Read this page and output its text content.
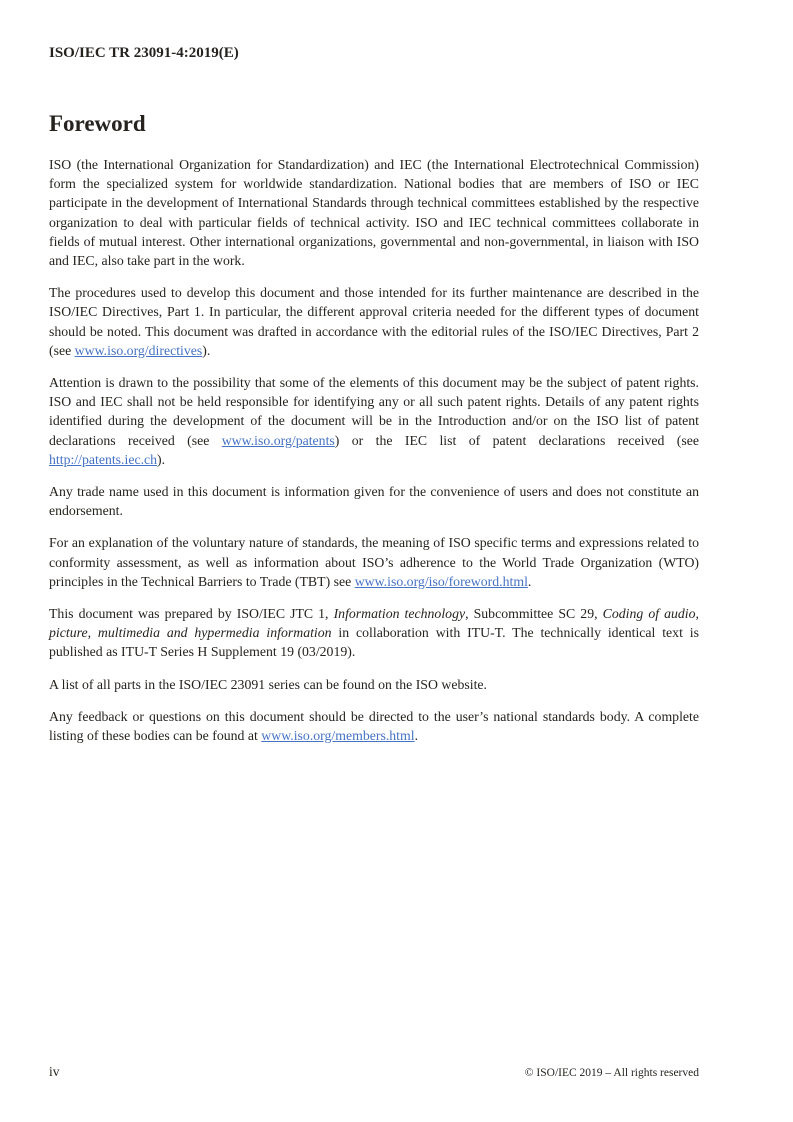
ISO/IEC TR 23091-4:2019(E)
Foreword

ISO (the International Organization for Standardization) and IEC (the International Electrotechnical Commission) form the specialized system for worldwide standardization. National bodies that are members of ISO or IEC participate in the development of International Standards through technical committees established by the respective organization to deal with particular fields of technical activity. ISO and IEC technical committees collaborate in fields of mutual interest. Other international organizations, governmental and non-governmental, in liaison with ISO and IEC, also take part in the work.

The procedures used to develop this document and those intended for its further maintenance are described in the ISO/IEC Directives, Part 1. In particular, the different approval criteria needed for the different types of document should be noted. This document was drafted in accordance with the editorial rules of the ISO/IEC Directives, Part 2 (see www.iso.org/directives).

Attention is drawn to the possibility that some of the elements of this document may be the subject of patent rights. ISO and IEC shall not be held responsible for identifying any or all such patent rights. Details of any patent rights identified during the development of the document will be in the Introduction and/or on the ISO list of patent declarations received (see www.iso.org/patents) or the IEC list of patent declarations received (see http://patents.iec.ch).

Any trade name used in this document is information given for the convenience of users and does not constitute an endorsement.

For an explanation of the voluntary nature of standards, the meaning of ISO specific terms and expressions related to conformity assessment, as well as information about ISO’s adherence to the World Trade Organization (WTO) principles in the Technical Barriers to Trade (TBT) see www.iso.org/iso/foreword.html.

This document was prepared by ISO/IEC JTC 1, Information technology, Subcommittee SC 29, Coding of audio, picture, multimedia and hypermedia information in collaboration with ITU-T. The technically identical text is published as ITU-T Series H Supplement 19 (03/2019).

A list of all parts in the ISO/IEC 23091 series can be found on the ISO website.

Any feedback or questions on this document should be directed to the user’s national standards body. A complete listing of these bodies can be found at www.iso.org/members.html.

iv	© ISO/IEC 2019 – All rights reserved
